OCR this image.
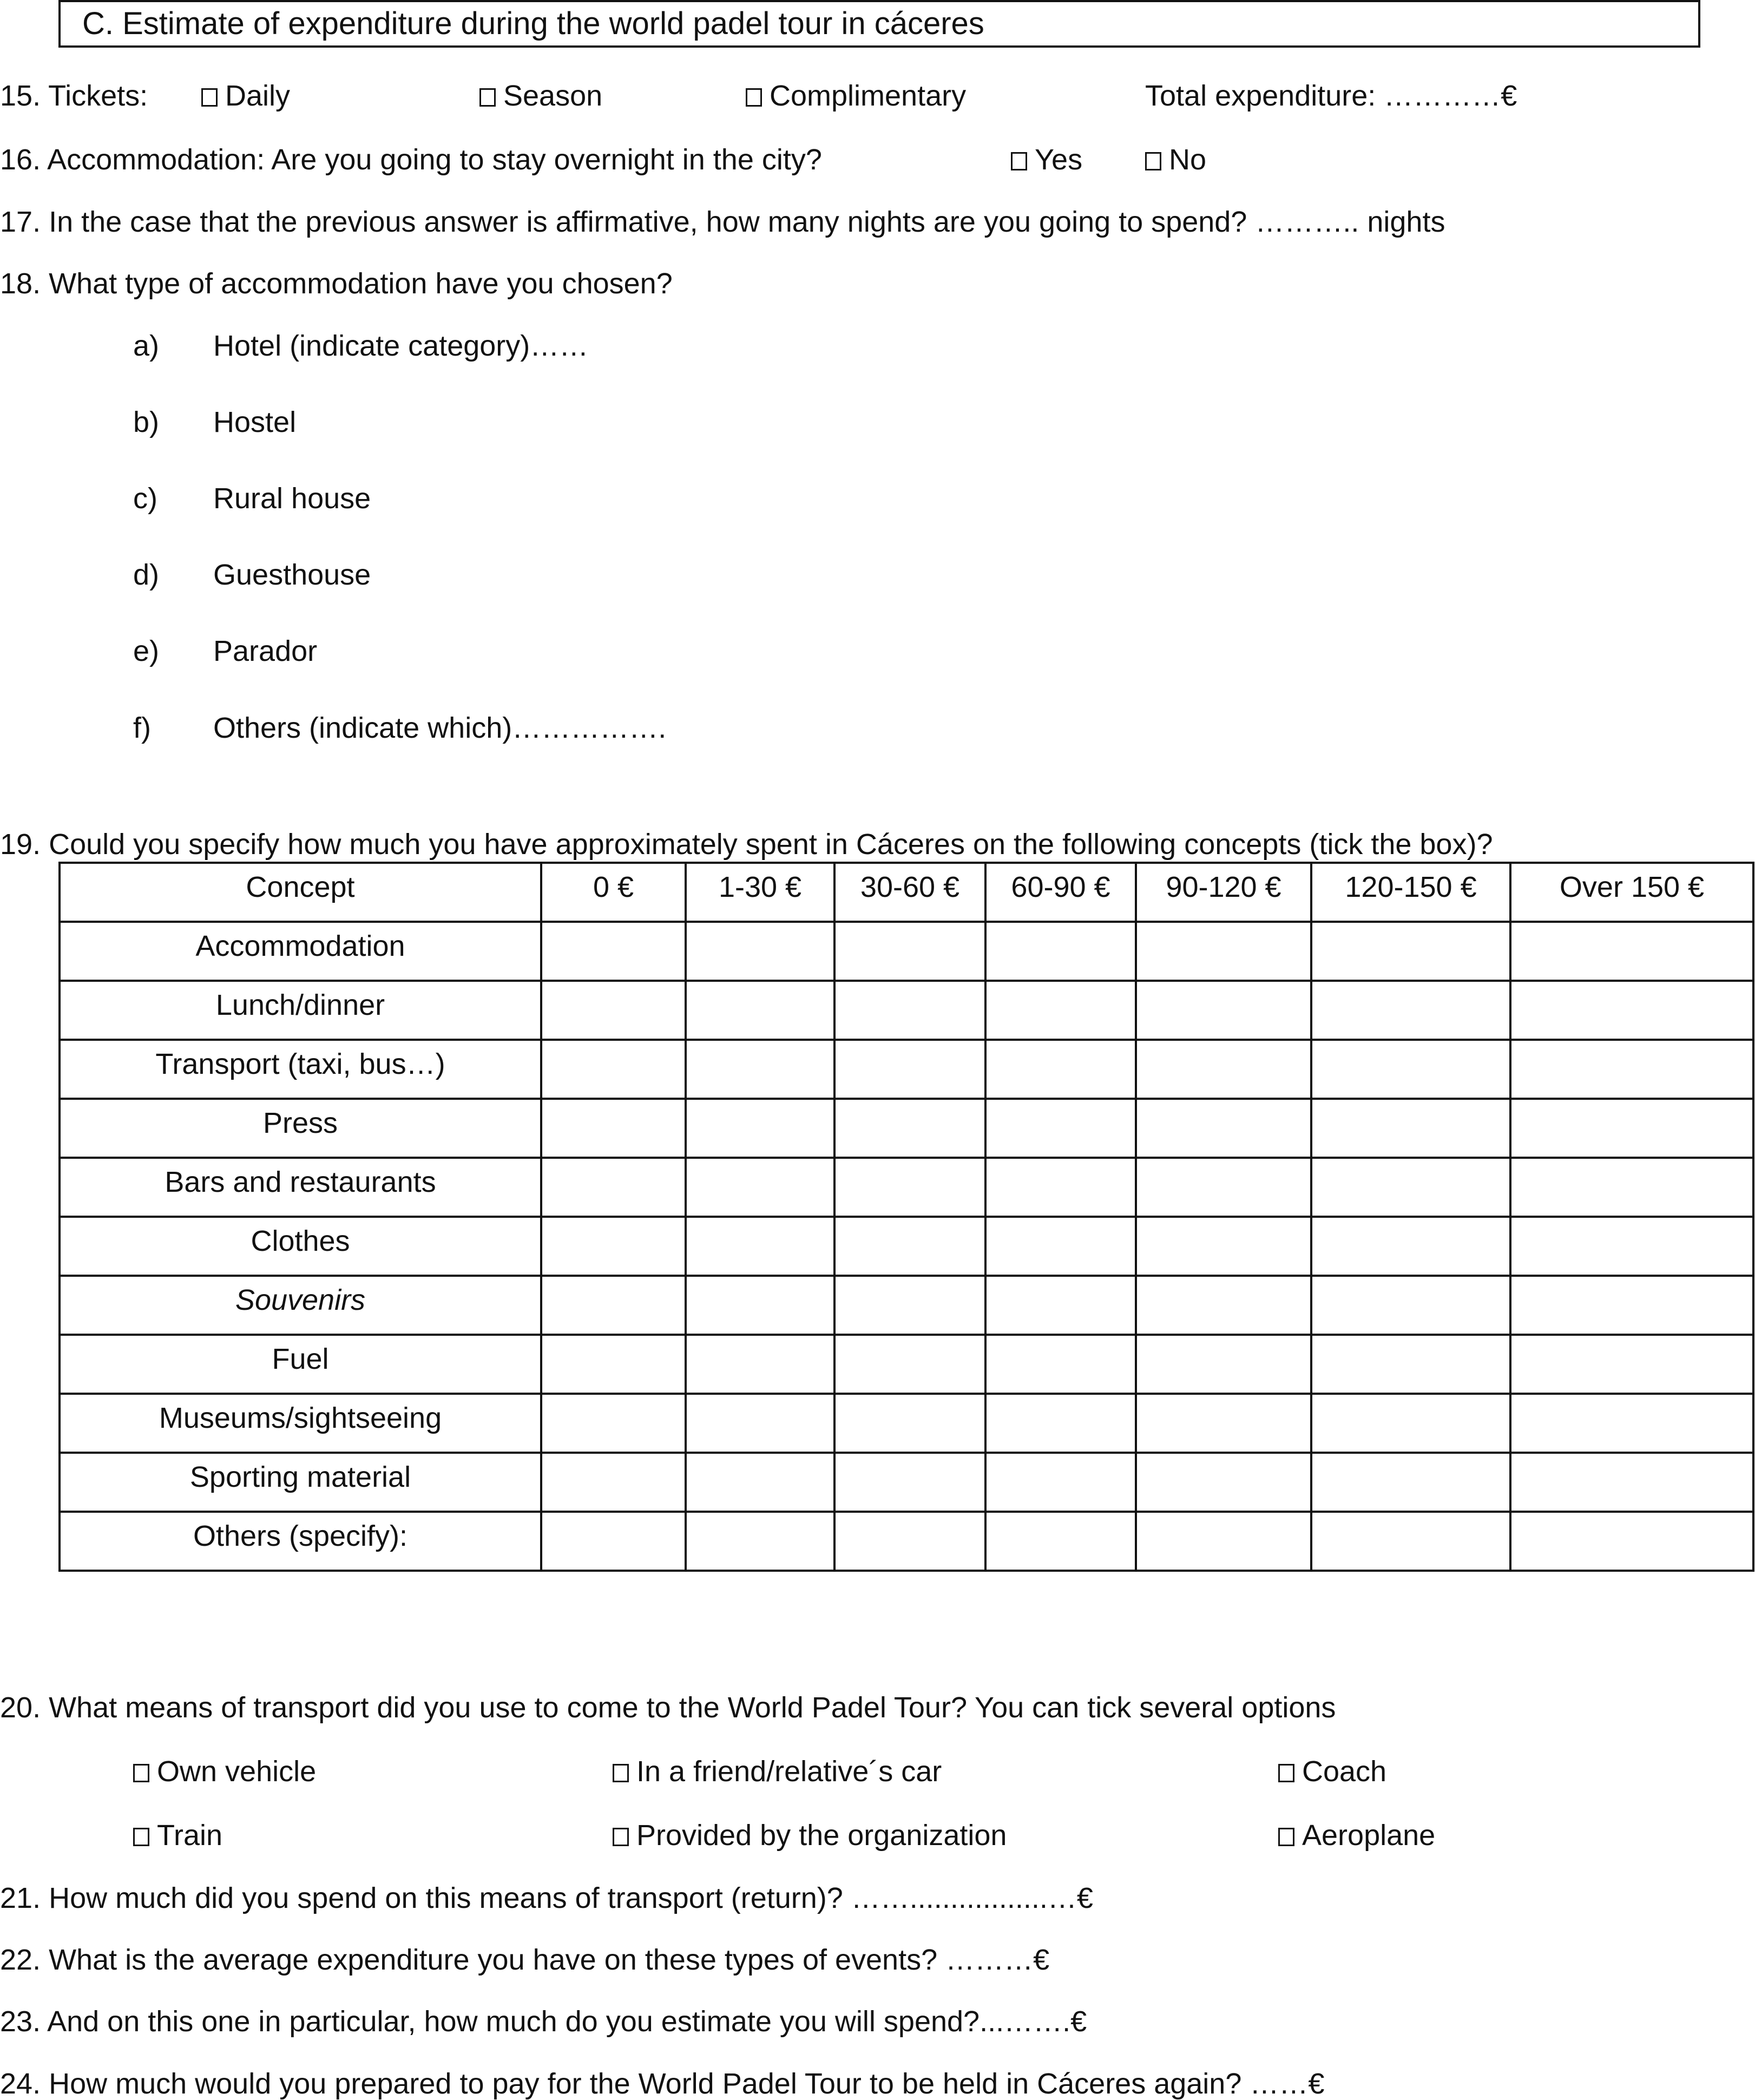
C. Estimate of expenditure during the world padel tour in cáceres
15. Tickets:	Daily	Season	Complimentary	Total expenditure: …………€
16. Accommodation: Are you going to stay overnight in the city?	Yes	No
17. In the case that the previous answer is affirmative, how many nights are you going to spend? ……….. nights
18. What type of accommodation have you chosen?
a) Hotel (indicate category)……
b) Hostel
c) Rural house
d) Guesthouse
e) Parador
f) Others (indicate which)…………….
19. Could you specify how much you have approximately spent in Cáceres on the following concepts (tick the box)?
Concept	0 €	1-30 €	30-60 €	60-90 €	90-120 €	120-150 €	Over 150 €
Accommodation							
Lunch/dinner							
Transport (taxi, bus…)							
Press							
Bars and restaurants							
Clothes							
Souvenirs							
Fuel							
Museums/sightseeing							
Sporting material							
Others (specify):							
20. What means of transport did you use to come to the World Padel Tour? You can tick several options
Own vehicle	In a friend/relative´s car	Coach
Train	Provided by the organization	Aeroplane
21. How much did you spend on this means of transport (return)? …….................…€
22. What is the average expenditure you have on these types of events? ………€
23. And on this one in particular, how much do you estimate you will spend?...…….€
24. How much would you prepared to pay for the World Padel Tour to be held in Cáceres again? ……€
